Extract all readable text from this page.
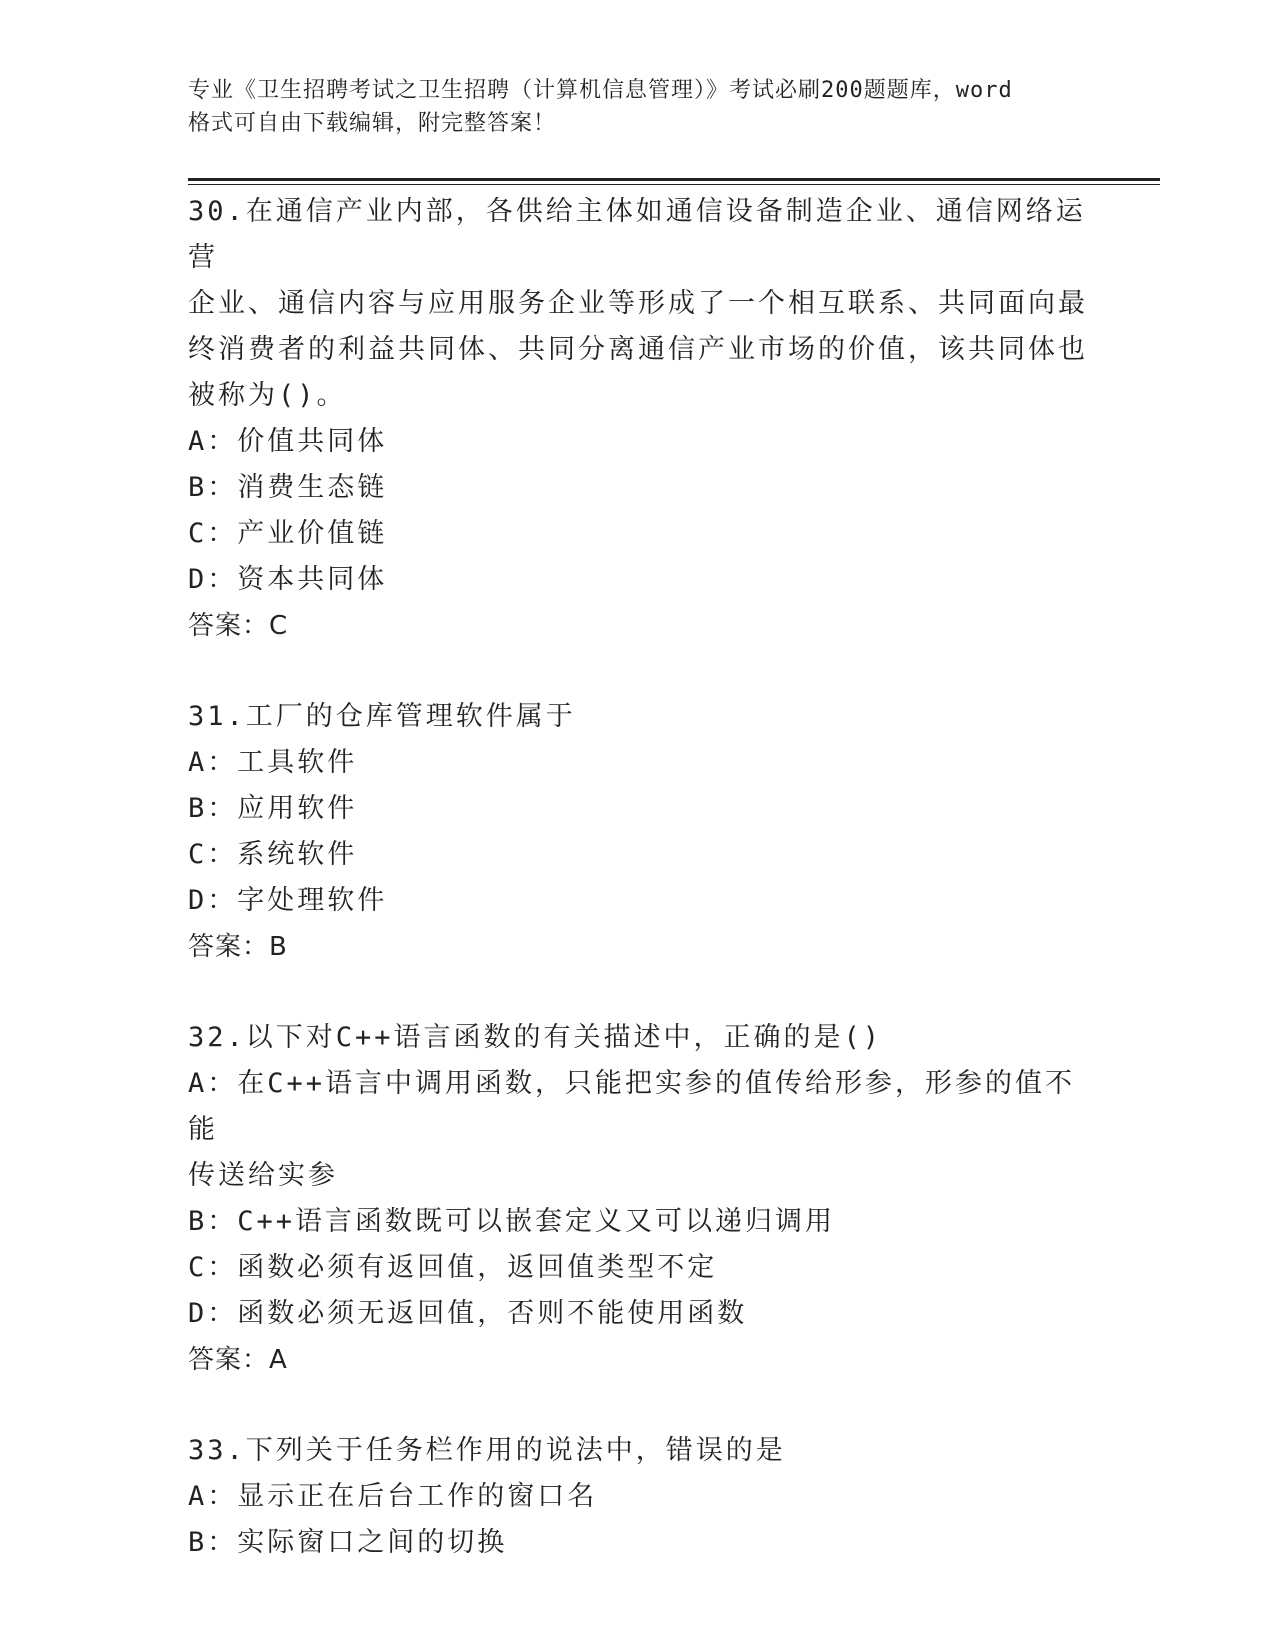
专业《卫生招聘考试之卫生招聘（计算机信息管理）》考试必刷200题题库，word
格式可自由下载编辑，附完整答案！

30.在通信产业内部，各供给主体如通信设备制造企业、通信网络运营

企业、通信内容与应用服务企业等形成了一个相互联系、共同面向最

终消费者的利益共同体、共同分离通信产业市场的价值，该共同体也

被称为()。

A：价值共同体

B：消费生态链

C：产业价值链

D：资本共同体

答案：C

31.工厂的仓库管理软件属于

A：工具软件

B：应用软件

C：系统软件

D：字处理软件

答案：B

32.以下对C++语言函数的有关描述中，正确的是()

A：在C++语言中调用函数，只能把实参的值传给形参，形参的值不能

传送给实参

B：C++语言函数既可以嵌套定义又可以递归调用

C：函数必须有返回值，返回值类型不定

D：函数必须无返回值，否则不能使用函数

答案：A

33.下列关于任务栏作用的说法中，错误的是

A：显示正在后台工作的窗口名

B：实际窗口之间的切换
